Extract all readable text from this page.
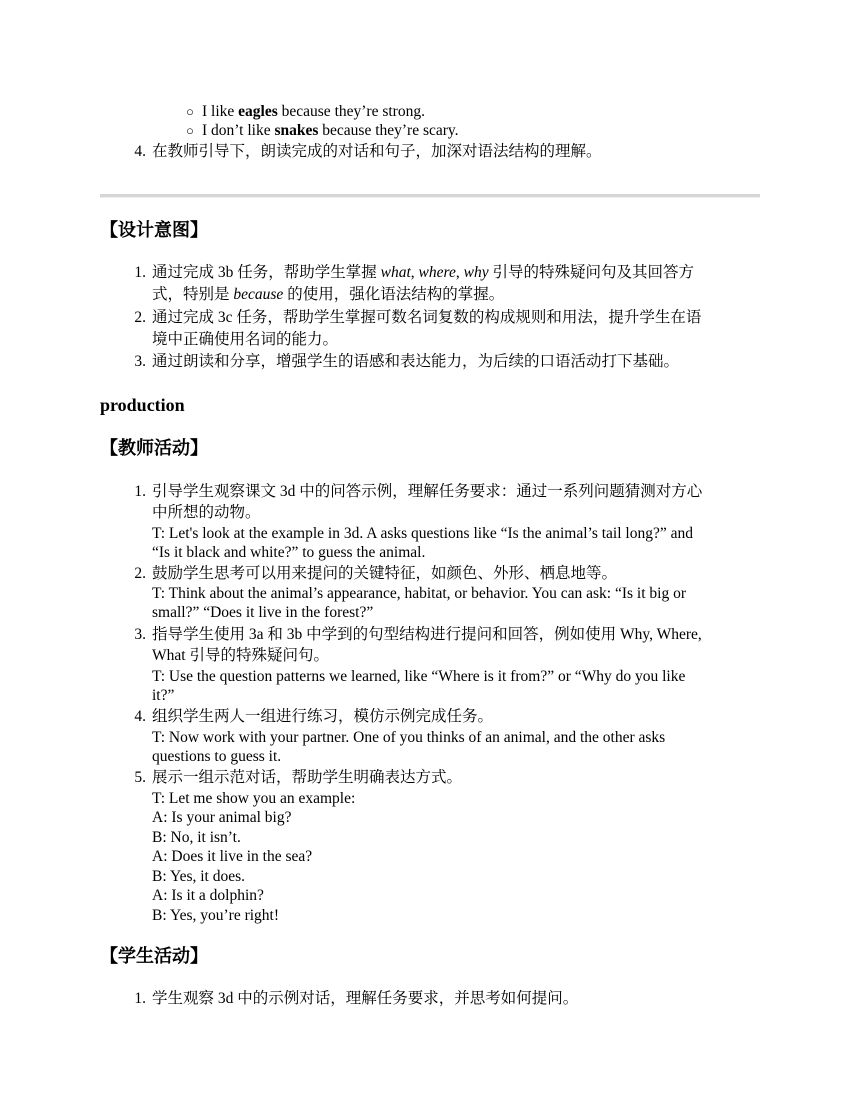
○ I like eagles because they’re strong.
○ I don’t like snakes because they’re scary.
4. 在教师引导下，朗读完成的对话和句子，加深对语法结构的理解。
【设计意图】
1. 通过完成 3b 任务，帮助学生掌握 what, where, why 引导的特殊疑问句及其回答方
式，特别是 because 的使用，强化语法结构的掌握。
2. 通过完成 3c 任务，帮助学生掌握可数名词复数的构成规则和用法，提升学生在语
境中正确使用名词的能力。
3. 通过朗读和分享，增强学生的语感和表达能力，为后续的口语活动打下基础。
production
【教师活动】
1. 引导学生观察课文 3d 中的问答示例，理解任务要求：通过一系列问题猜测对方心
中所想的动物。
T: Let's look at the example in 3d. A asks questions like “Is the animal’s tail long?” and
“Is it black and white?” to guess the animal.
2. 鼓励学生思考可以用来提问的关键特征，如颜色、外形、栖息地等。
T: Think about the animal’s appearance, habitat, or behavior. You can ask: “Is it big or
small?” “Does it live in the forest?”
3. 指导学生使用 3a 和 3b 中学到的句型结构进行提问和回答，例如使用 Why, Where,
What 引导的特殊疑问句。
T: Use the question patterns we learned, like “Where is it from?” or “Why do you like
it?”
4. 组织学生两人一组进行练习，模仿示例完成任务。
T: Now work with your partner. One of you thinks of an animal, and the other asks
questions to guess it.
5. 展示一组示范对话，帮助学生明确表达方式。
T: Let me show you an example:
A: Is your animal big?
B: No, it isn’t.
A: Does it live in the sea?
B: Yes, it does.
A: Is it a dolphin?
B: Yes, you’re right!
【学生活动】
1. 学生观察 3d 中的示例对话，理解任务要求，并思考如何提问。
